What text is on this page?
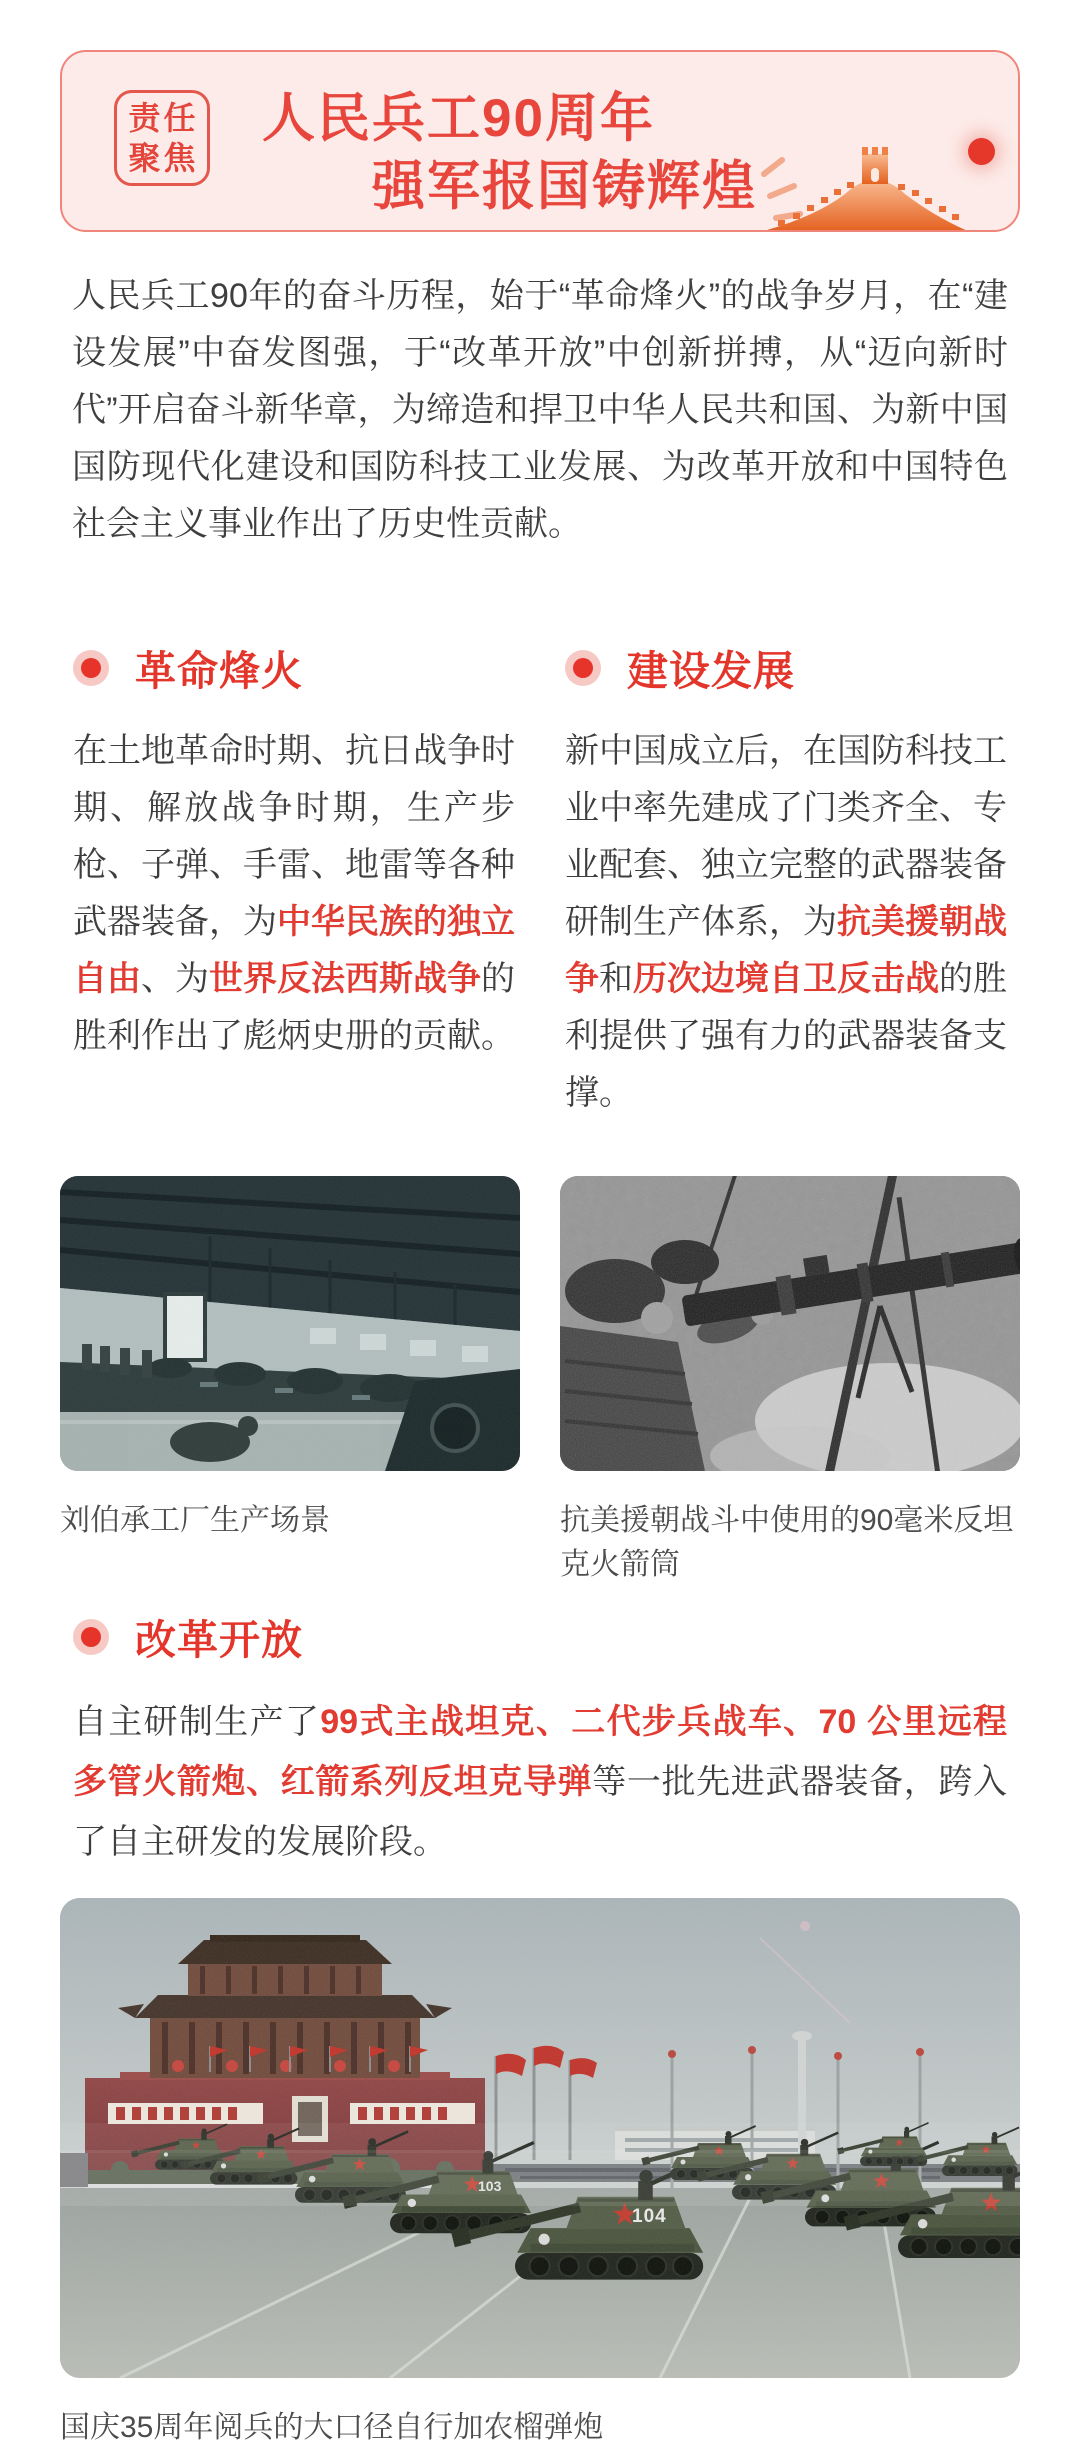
责任
聚焦
人民兵工90周年
强军报国铸辉煌

人民兵工90年的奋斗历程，始于“革命烽火”的战争岁月，在“建设发展”中奋发图强，于“改革开放”中创新拼搏，从“迈向新时代”开启奋斗新华章，为缔造和捍卫中华人民共和国、为新中国国防现代化建设和国防科技工业发展、为改革开放和中国特色社会主义事业作出了历史性贡献。

革命烽火

在土地革命时期、抗日战争时期、解放战争时期，生产步枪、子弹、手雷、地雷等各种武器装备，为中华民族的独立自由、为世界反法西斯战争的胜利作出了彪炳史册的贡献。

建设发展

新中国成立后，在国防科技工业中率先建成了门类齐全、专业配套、独立完整的武器装备研制生产体系，为抗美援朝战争和历次边境自卫反击战的胜利提供了强有力的武器装备支撑。

刘伯承工厂生产场景	抗美援朝战斗中使用的90毫米反坦克火箭筒
改革开放

自主研制生产了99式主战坦克、二代步兵战车、70 公里远程多管火箭炮、红箭系列反坦克导弹等一批先进武器装备，跨入了自主研发的发展阶段。

国庆35周年阅兵的大口径自行加农榴弹炮
